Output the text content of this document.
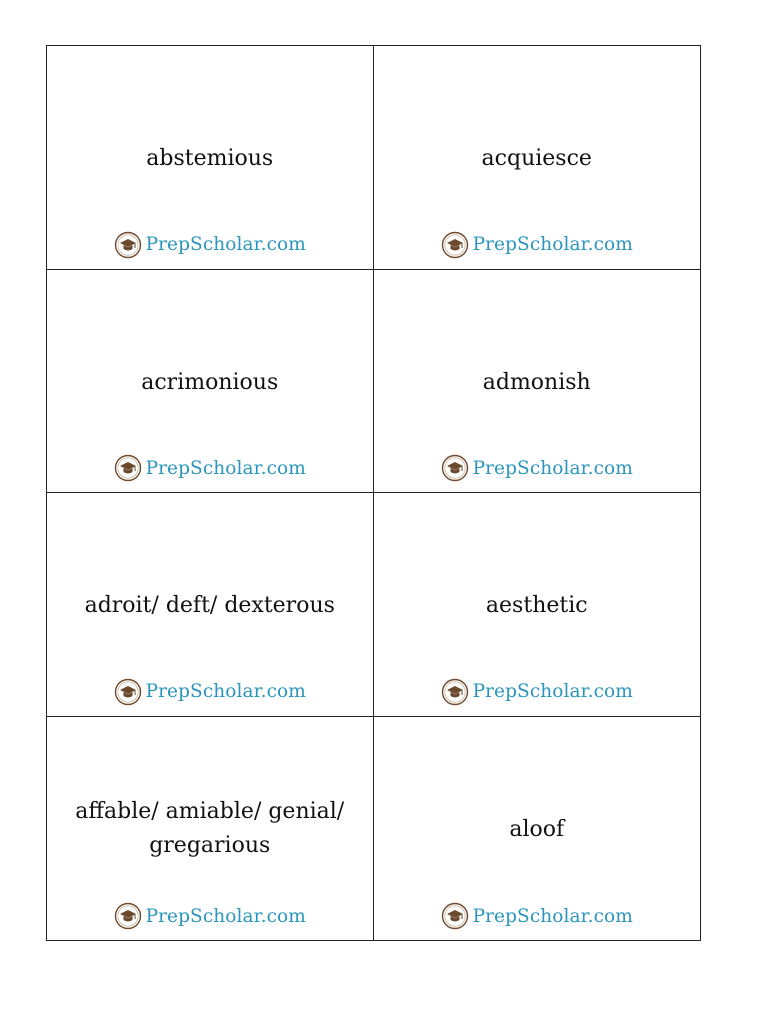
abstemious
PrepScholar.com
acquiesce
PrepScholar.com
acrimonious
PrepScholar.com
admonish
PrepScholar.com
adroit/ deft/ dexterous
PrepScholar.com
aesthetic
PrepScholar.com
affable/ amiable/ genial/ gregarious
PrepScholar.com
aloof
PrepScholar.com
